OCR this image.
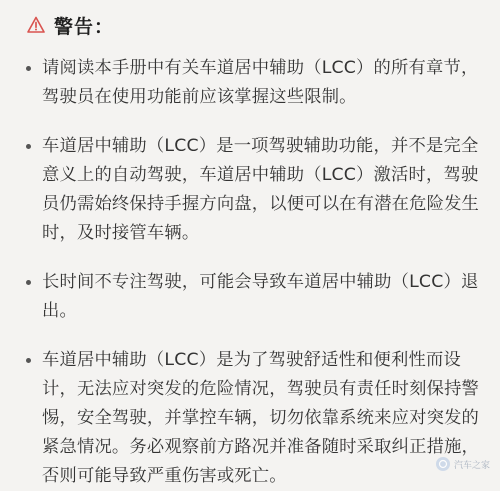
警告：
请阅读本手册中有关车道居中辅助（LCC）的所有章节，驾驶员在使用功能前应该掌握这些限制。
车道居中辅助（LCC）是一项驾驶辅助功能，并不是完全意义上的自动驾驶，车道居中辅助（LCC）激活时，驾驶员仍需始终保持手握方向盘，以便可以在有潜在危险发生时，及时接管车辆。
长时间不专注驾驶，可能会导致车道居中辅助（LCC）退出。
车道居中辅助（LCC）是为了驾驶舒适性和便利性而设计，无法应对突发的危险情况，驾驶员有责任时刻保持警惕，安全驾驶，并掌控车辆，切勿依靠系统来应对突发的紧急情况。务必观察前方路况并准备随时采取纠正措施，否则可能导致严重伤害或死亡。
汽车之家
